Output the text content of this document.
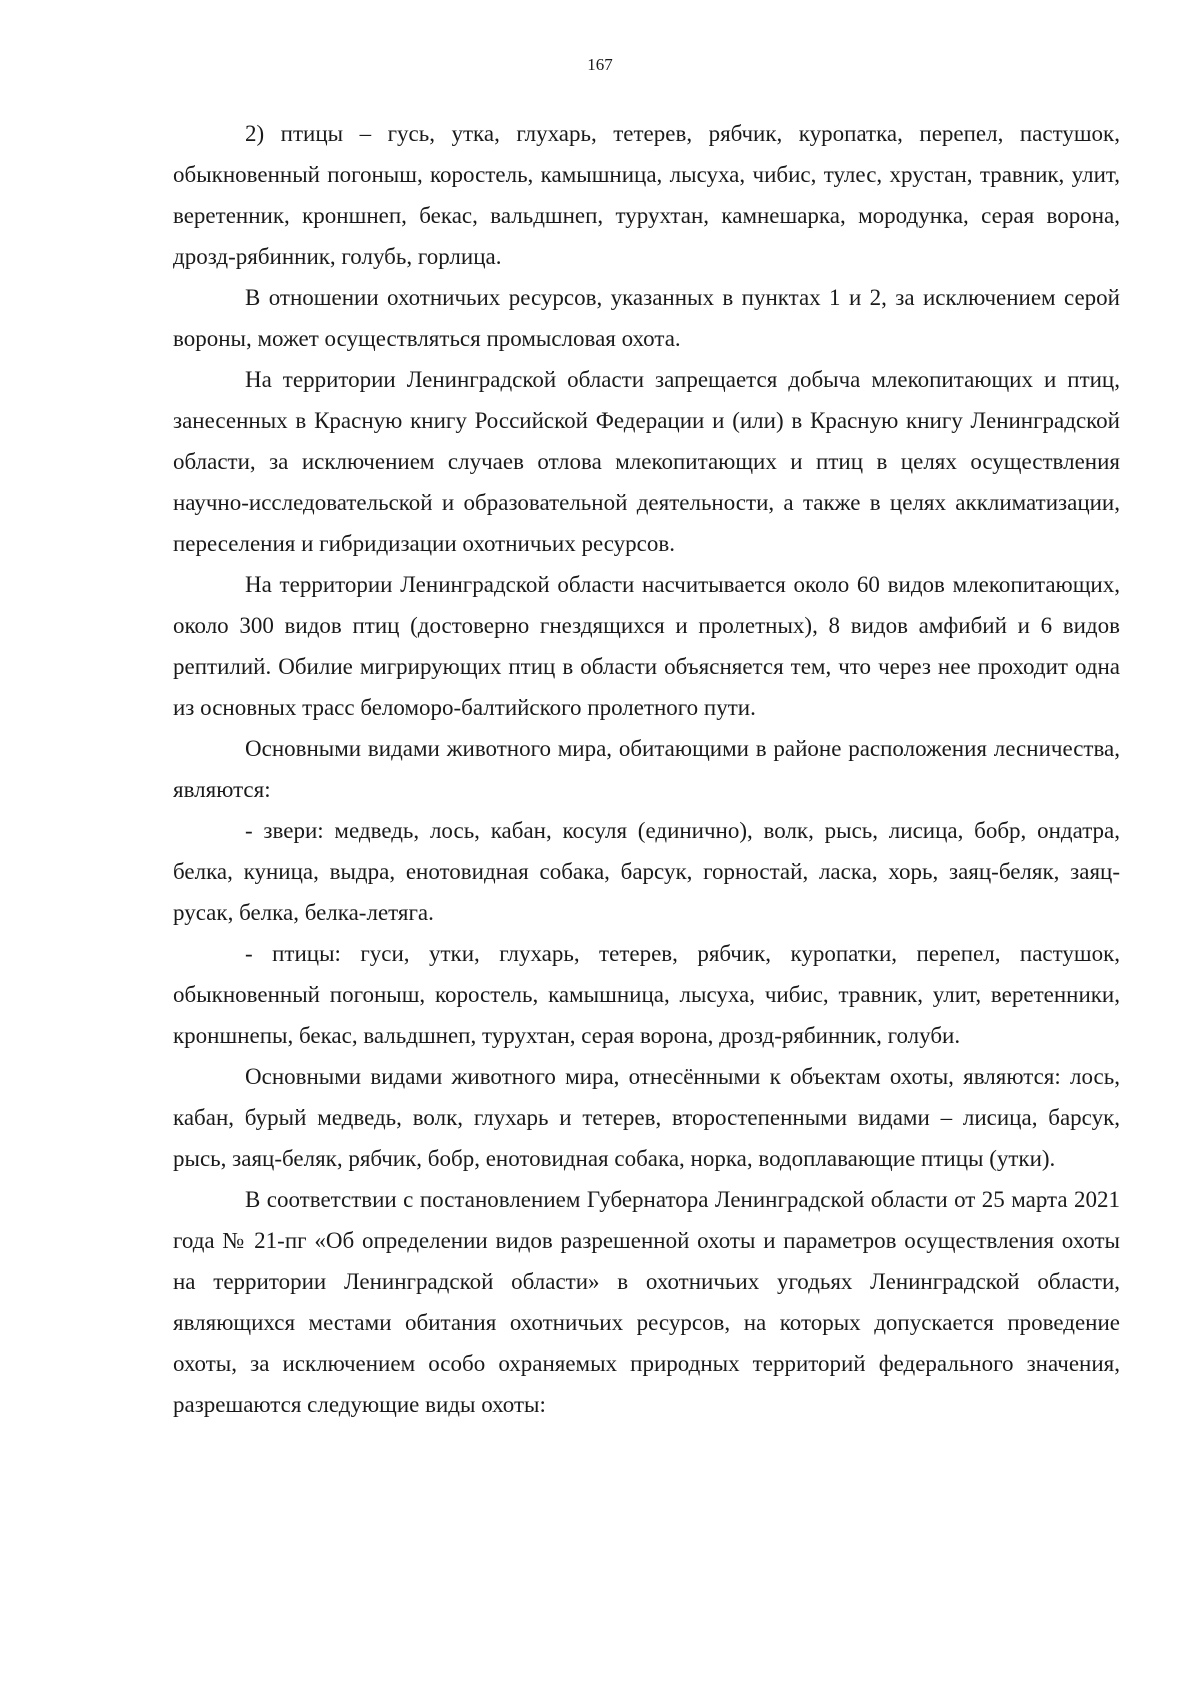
167

2) птицы – гусь, утка, глухарь, тетерев, рябчик, куропатка, перепел, пастушок, обыкновенный погоныш, коростель, камышница, лысуха, чибис, тулес, хрустан, травник, улит, веретенник, кроншнеп, бекас, вальдшнеп, турухтан, камнешарка, мородунка, серая ворона, дрозд-рябинник, голубь, горлица.

В отношении охотничьих ресурсов, указанных в пунктах 1 и 2, за исключением серой вороны, может осуществляться промысловая охота.

На территории Ленинградской области запрещается добыча млекопитающих и птиц, занесенных в Красную книгу Российской Федерации и (или) в Красную книгу Ленинградской области, за исключением случаев отлова млекопитающих и птиц в целях осуществления научно-исследовательской и образовательной деятельности, а также в целях акклиматизации, переселения и гибридизации охотничьих ресурсов.

На территории Ленинградской области насчитывается около 60 видов млекопитающих, около 300 видов птиц (достоверно гнездящихся и пролетных), 8 видов амфибий и 6 видов рептилий. Обилие мигрирующих птиц в области объясняется тем, что через нее проходит одна из основных трасс беломоро-балтийского пролетного пути.

Основными видами животного мира, обитающими в районе расположения лесничества, являются:

- звери: медведь, лось, кабан, косуля (единично), волк, рысь, лисица, бобр, ондатра, белка, куница, выдра, енотовидная собака, барсук, горностай, ласка, хорь, заяц-беляк, заяц-русак, белка, белка-летяга.

- птицы: гуси, утки, глухарь, тетерев, рябчик, куропатки, перепел, пастушок, обыкновенный погоныш, коростель, камышница, лысуха, чибис, травник, улит, веретенники, кроншнепы, бекас, вальдшнеп, турухтан, серая ворона, дрозд-рябинник, голуби.

Основными видами животного мира, отнесёнными к объектам охоты, являются: лось, кабан, бурый медведь, волк, глухарь и тетерев, второстепенными видами – лисица, барсук, рысь, заяц-беляк, рябчик, бобр, енотовидная собака, норка, водоплавающие птицы (утки).

В соответствии с постановлением Губернатора Ленинградской области от 25 марта 2021 года № 21-пг «Об определении видов разрешенной охоты и параметров осуществления охоты на территории Ленинградской области» в охотничьих угодьях Ленинградской области, являющихся местами обитания охотничьих ресурсов, на которых допускается проведение охоты, за исключением особо охраняемых природных территорий федерального значения, разрешаются следующие виды охоты:
